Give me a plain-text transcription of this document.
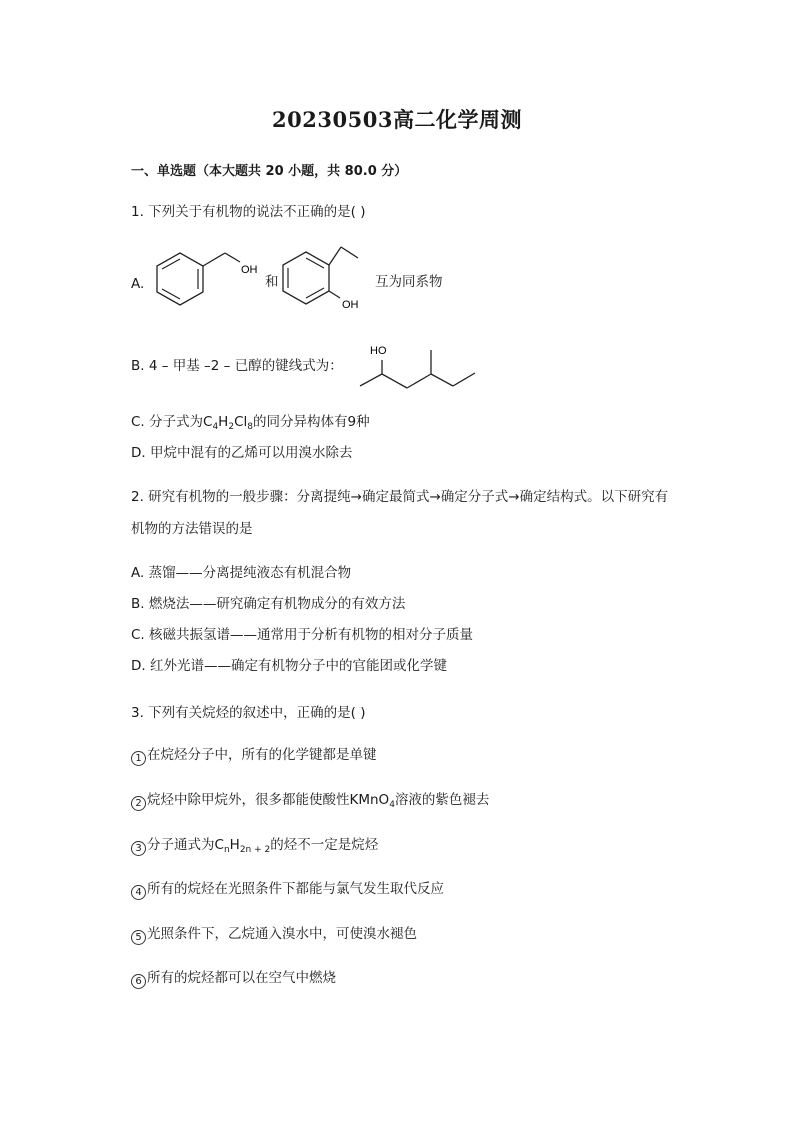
20230503高二化学周测
一、单选题（本大题共 20 小题，共 80.0 分）
1. 下列关于有机物的说法不正确的是( )
A.
OH
和
OH
互为同系物
B. 4 – 甲基 –2 – 已醇的键线式为：
HO
C. 分子式为$C_4H_2Cl_8$的同分异构体有9种
D. 甲烷中混有的乙烯可以用溴水除去
2. 研究有机物的一般步骤：分离提纯→确定最简式→确定分子式→确定结构式。以下研究有
机物的方法错误的是
A. 蒸馏——分离提纯液态有机混合物
B. 燃烧法——研究确定有机物成分的有效方法
C. 核磁共振氢谱——通常用于分析有机物的相对分子质量
D. 红外光谱——确定有机物分子中的官能团或化学键
3. 下列有关烷烃的叙述中，正确的是( )
1 在烷烃分子中，所有的化学键都是单键
2 烷烃中除甲烷外，很多都能使酸性KMnO$_4$溶液的紫色褪去
3 分子通式为$C_nH_{2n + 2}$的烃不一定是烷烃
4 所有的烷烃在光照条件下都能与氯气发生取代反应
5 光照条件下，乙烷通入溴水中，可使溴水褪色
6 所有的烷烃都可以在空气中燃烧
